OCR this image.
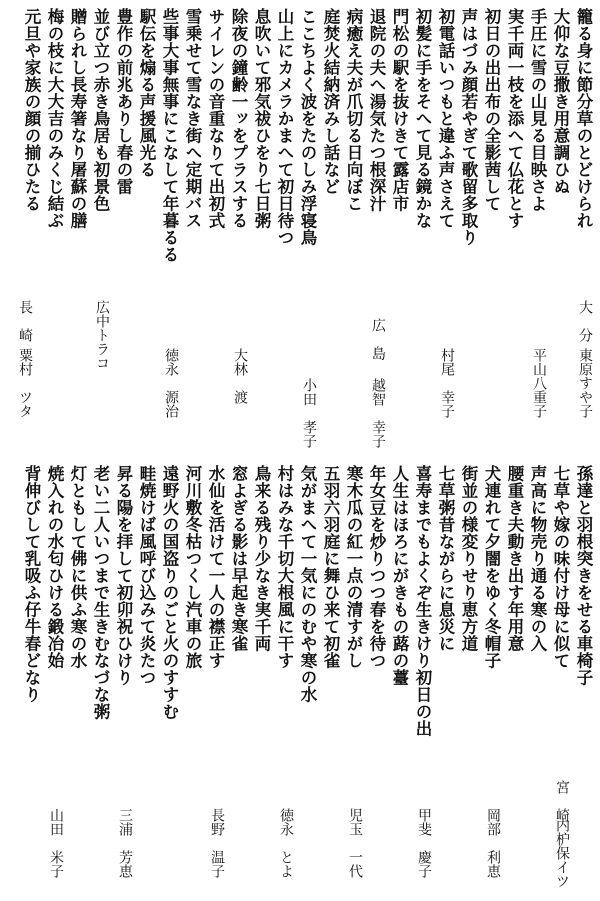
籠る身に節分草のとどけられ
大仰な豆撒き用意調ひぬ
手圧に雪の山見る目映さよ
実千両一枝を添へて仏花とす
初日の出出布の全影茜して
声はづみ顔若やぎて歌留多取り
初電話いつもと違ふ声さえて
初髪に手をそへて見る鏡かな
門松の駅を抜けきて露店市
退院の夫へ湯気たつ根深汁
病癒え夫が爪切る日向ぼこ
庭焚火結納済みし話など
ここちよく波をたのしみ浮寝鳥
山上にカメラかまへて初日待つ
息吹いて邪気祓ひをり七日粥
除夜の鐘齢一ッをプラスする
サイレンの音重なりて出初式
雪乗せて雪なき街へ定期バス
些事大事無事にこなして年暮るる
駅伝を煽る声援風光る
豊作の前兆ありし春の雷
並び立つ赤き鳥居も初景色
贈られし長寿箸なり屠蘇の膳
梅の枝に大大吉のみくじ結ぶ
元旦や家族の顔の揃ひたる
大　分
東原すや子
平山八重子
村尾　幸子
広　島
越智　幸子
小田　孝子
大林　渡
徳永　源治
広中トラコ
長　崎
粟村　ツタ
孫達と羽根突きをせる車椅子
七草や嫁の味付け母に似て
声高に物売り通る寒の入
腰重き夫動き出す年用意
犬連れて夕闇をゆく冬帽子
街並の様変りせり恵方道
七草粥昔ながらに息災に
喜寿までもよくぞ生きけり初日の出
人生はほろにがきもの蕗の薹
年女豆を炒りつつ春を待つ
寒木瓜の紅一点の清すがし
五羽六羽庭に舞ひ来て初雀
気がまへて一気にのむや寒の水
村はみな千切大根風に干す
鳥来る残り少なき実千両
窓よぎる影は早起き寒雀
水仙を活けて一人の襟正す
河川敷冬枯つくし汽車の旅
遠野火の国盗りのごと火のすすむ
畦焼けば風呼び込みて炎たつ
昇る陽を拝して初卯祝ひけり
老い二人いつまで生きむなづな粥
灯ともして佛に供ふ寒の水
焼入れの水匂ひける鍛冶始
背伸びして乳吸ふ仔牛春どなり
宮　崎
内枦保イツ
岡部　利恵
甲斐　慶子
児玉　一代
徳永　とよ
長野　温子
三浦　芳恵
山田　米子
